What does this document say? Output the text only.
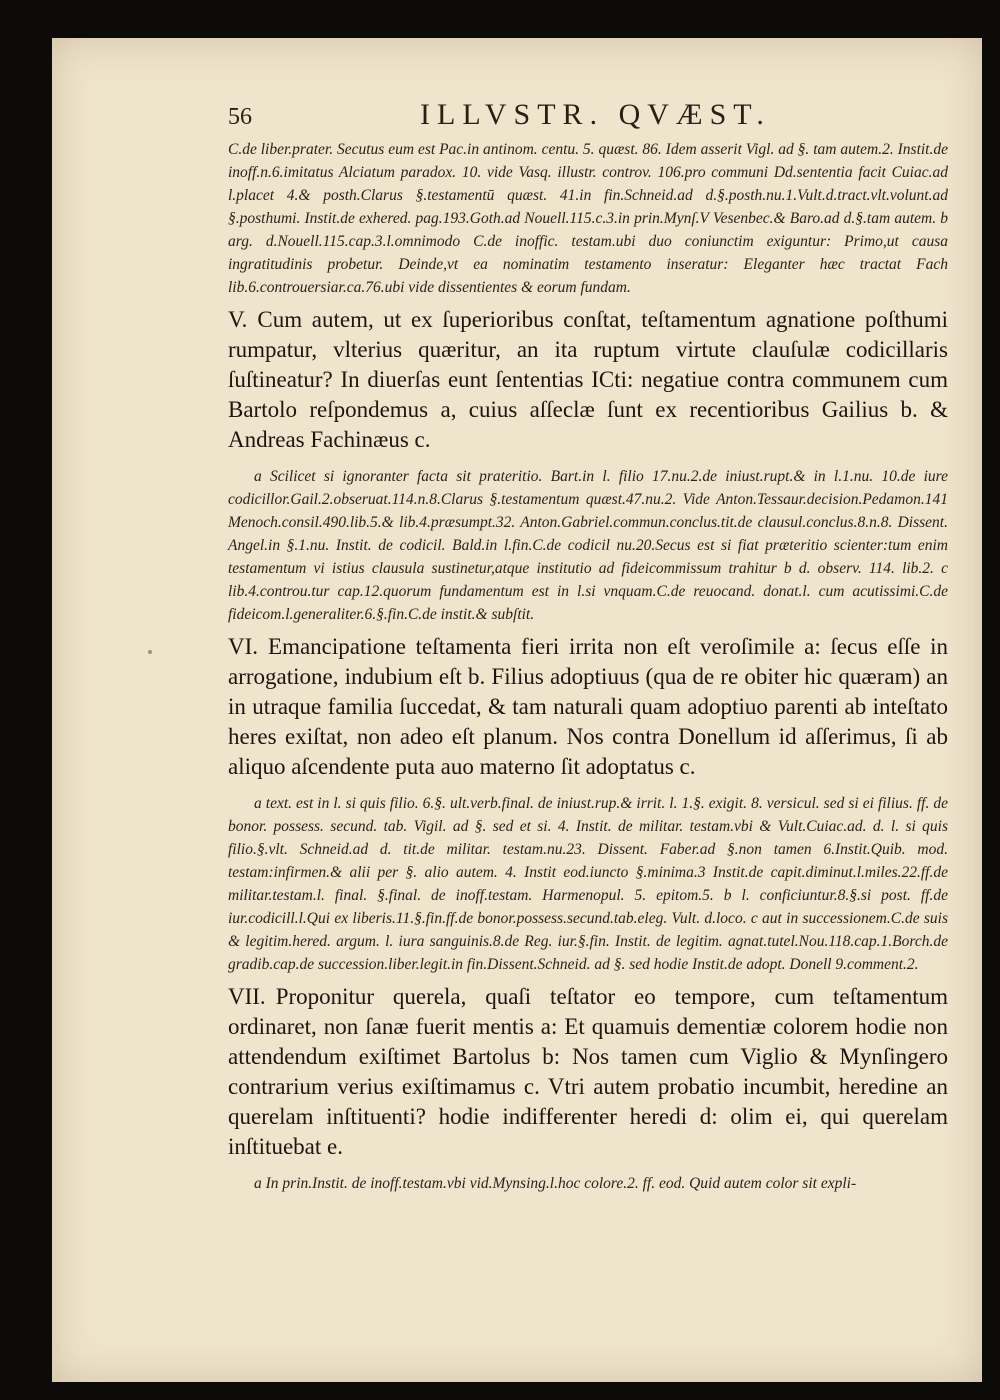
56	ILLVSTR. QVÆST.

C.de liber.prater. Secutus eum est Pac.in antinom. centu. 5. quæst. 86. Idem asserit Vigl. ad §. tam autem.2. Instit.de inoff.n.6.imitatus Alciatum paradox. 10. vide Vasq. illustr. controv. 106.pro communi Dd.sententia facit Cuiac.ad l.placet 4.& posth.Clarus §.testamentū quæst. 41.in fin.Schneid.ad d.§.posth.nu.1.Vult.d.tract.vlt.volunt.ad §.posthumi. Instit.de exhered. pag.193.Goth.ad Nouell.115.c.3.in prin.Mynſ.V Vesenbec.& Baro.ad d.§.tam autem. b arg. d.Nouell.115.cap.3.l.omnimodo C.de inoffic. testam.ubi duo coniunctim exiguntur: Primo,ut causa ingratitudinis probetur. Deinde,vt ea nominatim testamento inseratur: Eleganter hæc tractat Fach lib.6.controuersiar.ca.76.ubi vide dissentientes & eorum fundam.

V. Cum autem, ut ex ſuperioribus conſtat, teſtamentum agnatione poſthumi rumpatur, vlterius quæritur, an ita ruptum virtute clauſulæ codicillaris ſuſtineatur? In diuerſas eunt ſententias ICti: negatiue contra communem cum Bartolo reſpondemus a, cuius aſſeclæ ſunt ex recentioribus Gailius b. & Andreas Fachinæus c.

a Scilicet si ignoranter facta sit prateritio. Bart.in l. filio 17.nu.2.de iniust.rupt.& in l.1.nu. 10.de iure codicillor.Gail.2.obseruat.114.n.8.Clarus §.testamentum quæst.47.nu.2. Vide Anton.Tessaur.decision.Pedamon.141 Menoch.consil.490.lib.5.& lib.4.præsumpt.32. Anton.Gabriel.commun.conclus.tit.de clausul.conclus.8.n.8. Dissent. Angel.in §.1.nu. Instit. de codicil. Bald.in l.fin.C.de codicil nu.20.Secus est si fiat præteritio scienter:tum enim testamentum vi istius clausula sustinetur,atque institutio ad fideicommissum trahitur b d. observ. 114. lib.2. c lib.4.controu.tur cap.12.quorum fundamentum est in l.si vnquam.C.de reuocand. donat.l. cum acutissimi.C.de fideicom.l.generaliter.6.§.fin.C.de instit.& subſtit.

VI. Emancipatione teſtamenta fieri irrita non eſt veroſimile a: ſecus eſſe in arrogatione, indubium eſt b. Filius adoptiuus (qua de re obiter hic quæram) an in utraque familia ſuccedat, & tam naturali quam adoptiuo parenti ab inteſtato heres exiſtat, non adeo eſt planum. Nos contra Donellum id aſſerimus, ſi ab aliquo aſcendente puta auo materno ſit adoptatus c.

a text. est in l. si quis filio. 6.§. ult.verb.final. de iniust.rup.& irrit. l. 1.§. exigit. 8. versicul. sed si ei filius. ff. de bonor. possess. secund. tab. Vigil. ad §. sed et si. 4. Instit. de militar. testam.vbi & Vult.Cuiac.ad. d. l. si quis filio.§.vlt. Schneid.ad d. tit.de militar. testam.nu.23. Dissent. Faber.ad §.non tamen 6.Instit.Quib. mod. testam:infirmen.& alii per §. alio autem. 4. Instit eod.iuncto §.minima.3 Instit.de capit.diminut.l.miles.22.ff.de militar.testam.l. final. §.final. de inoff.testam. Harmenopul. 5. epitom.5. b l. conficiuntur.8.§.si post. ff.de iur.codicill.l.Qui ex liberis.11.§.fin.ff.de bonor.possess.secund.tab.eleg. Vult. d.loco. c aut in successionem.C.de suis & legitim.hered. argum. l. iura sanguinis.8.de Reg. iur.§.fin. Instit. de legitim. agnat.tutel.Nou.118.cap.1.Borch.de gradib.cap.de succession.liber.legit.in fin.Dissent.Schneid. ad §. sed hodie Instit.de adopt. Donell 9.comment.2.

VII. Proponitur querela, quaſi teſtator eo tempore, cum teſtamentum ordinaret, non ſanæ fuerit mentis a: Et quamuis dementiæ colorem hodie non attendendum exiſtimet Bartolus b: Nos tamen cum Viglio & Mynſingero contrarium verius exiſtimamus c. Vtri autem probatio incumbit, heredine an querelam inſtituenti? hodie indifferenter heredi d: olim ei, qui querelam inſtituebat e.

a In prin.Instit. de inoff.testam.vbi vid.Mynsing.l.hoc colore.2. ff. eod. Quid autem color sit expli-
